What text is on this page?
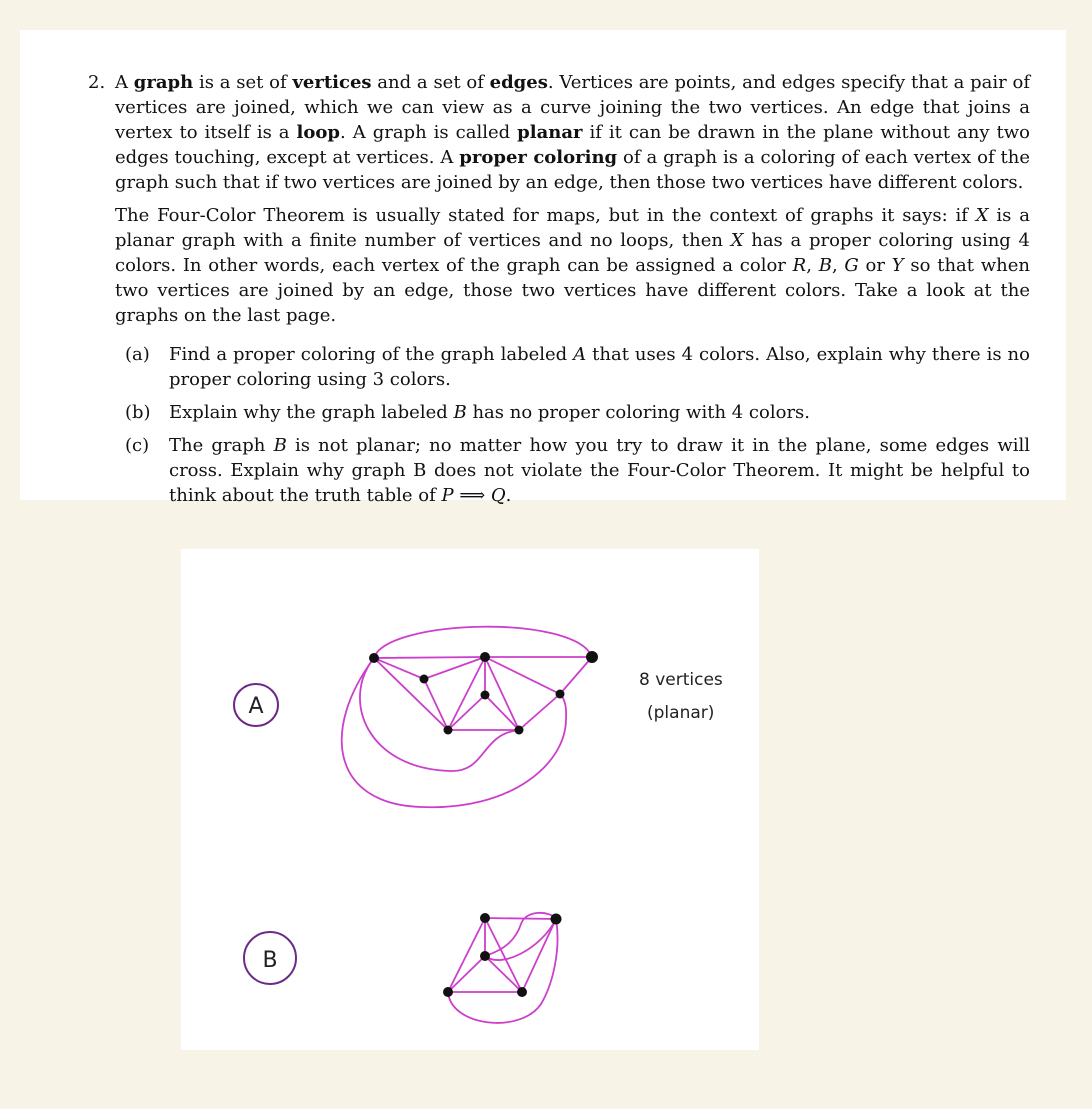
2. A graph is a set of vertices and a set of edges. Vertices are points, and edges specify that a pair of vertices are joined, which we can view as a curve joining the two vertices. An edge that joins a vertex to itself is a loop. A graph is called planar if it can be drawn in the plane without any two edges touching, except at vertices. A proper coloring of a graph is a coloring of each vertex of the graph such that if two vertices are joined by an edge, then those two vertices have different colors.

The Four-Color Theorem is usually stated for maps, but in the context of graphs it says: if X is a planar graph with a finite number of vertices and no loops, then X has a proper coloring using 4 colors. In other words, each vertex of the graph can be assigned a color R, B, G or Y so that when two vertices are joined by an edge, those two vertices have different colors. Take a look at the graphs on the last page.

(a) Find a proper coloring of the graph labeled A that uses 4 colors. Also, explain why there is no proper coloring using 3 colors.
(b) Explain why the graph labeled B has no proper coloring with 4 colors.
(c) The graph B is not planar; no matter how you try to draw it in the plane, some edges will cross. Explain why graph B does not violate the Four-Color Theorem. It might be helpful to think about the truth table of P ⟹ Q.
A
8 vertices
(planar)
B
